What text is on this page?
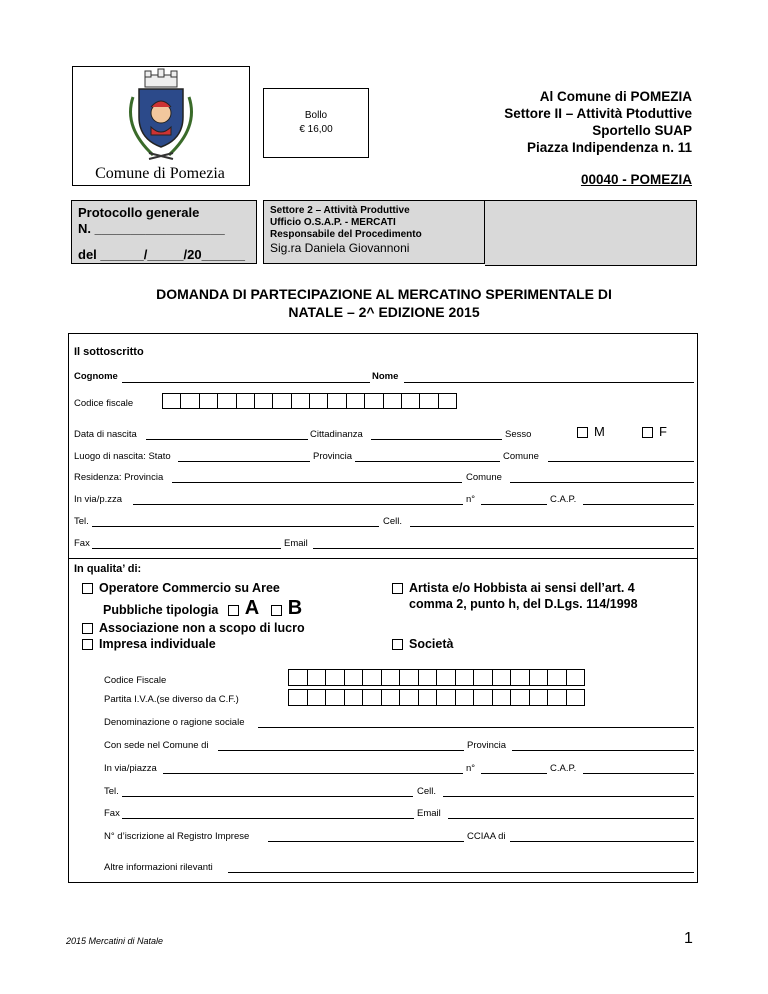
Comune di Pomezia
Bollo
€ 16,00
Al Comune di POMEZIA
Settore II – Attività Ptoduttive
Sportello SUAP
Piazza Indipendenza n. 11
00040 - POMEZIA
Protocollo generale
N. __________________
del ______/_____/20______
Settore 2 – Attività Produttive
Ufficio O.S.A.P. - MERCATI
Responsabile del Procedimento
Sig.ra Daniela Giovannoni
DOMANDA DI PARTECIPAZIONE AL MERCATINO SPERIMENTALE DI
NATALE – 2^ EDIZIONE 2015
Il sottoscritto
Cognome	Nome
Codice fiscale
Data di nascita	Cittadinanza	Sesso	M	F
Luogo di nascita: Stato	Provincia	Comune
Residenza: Provincia	Comune
In via/p.zza	n°	C.A.P.
Tel.	Cell.
Fax	Email
In qualita’ di:
Operatore Commercio su Aree
Pubbliche tipologia A B
Associazione non a scopo di lucro
Impresa individuale
Artista e/o Hobbista ai sensi dell’art. 4
comma 2, punto h, del D.Lgs. 114/1998
Società
Codice Fiscale
Partita I.V.A.(se diverso da C.F.)
Denominazione o ragione sociale
Con sede nel Comune di	Provincia
In via/piazza	n°	C.A.P.
Tel.	Cell.
Fax	Email
N° d’iscrizione al Registro Imprese	CCIAA di
Altre informazioni rilevanti
2015 Mercatini di Natale	1
